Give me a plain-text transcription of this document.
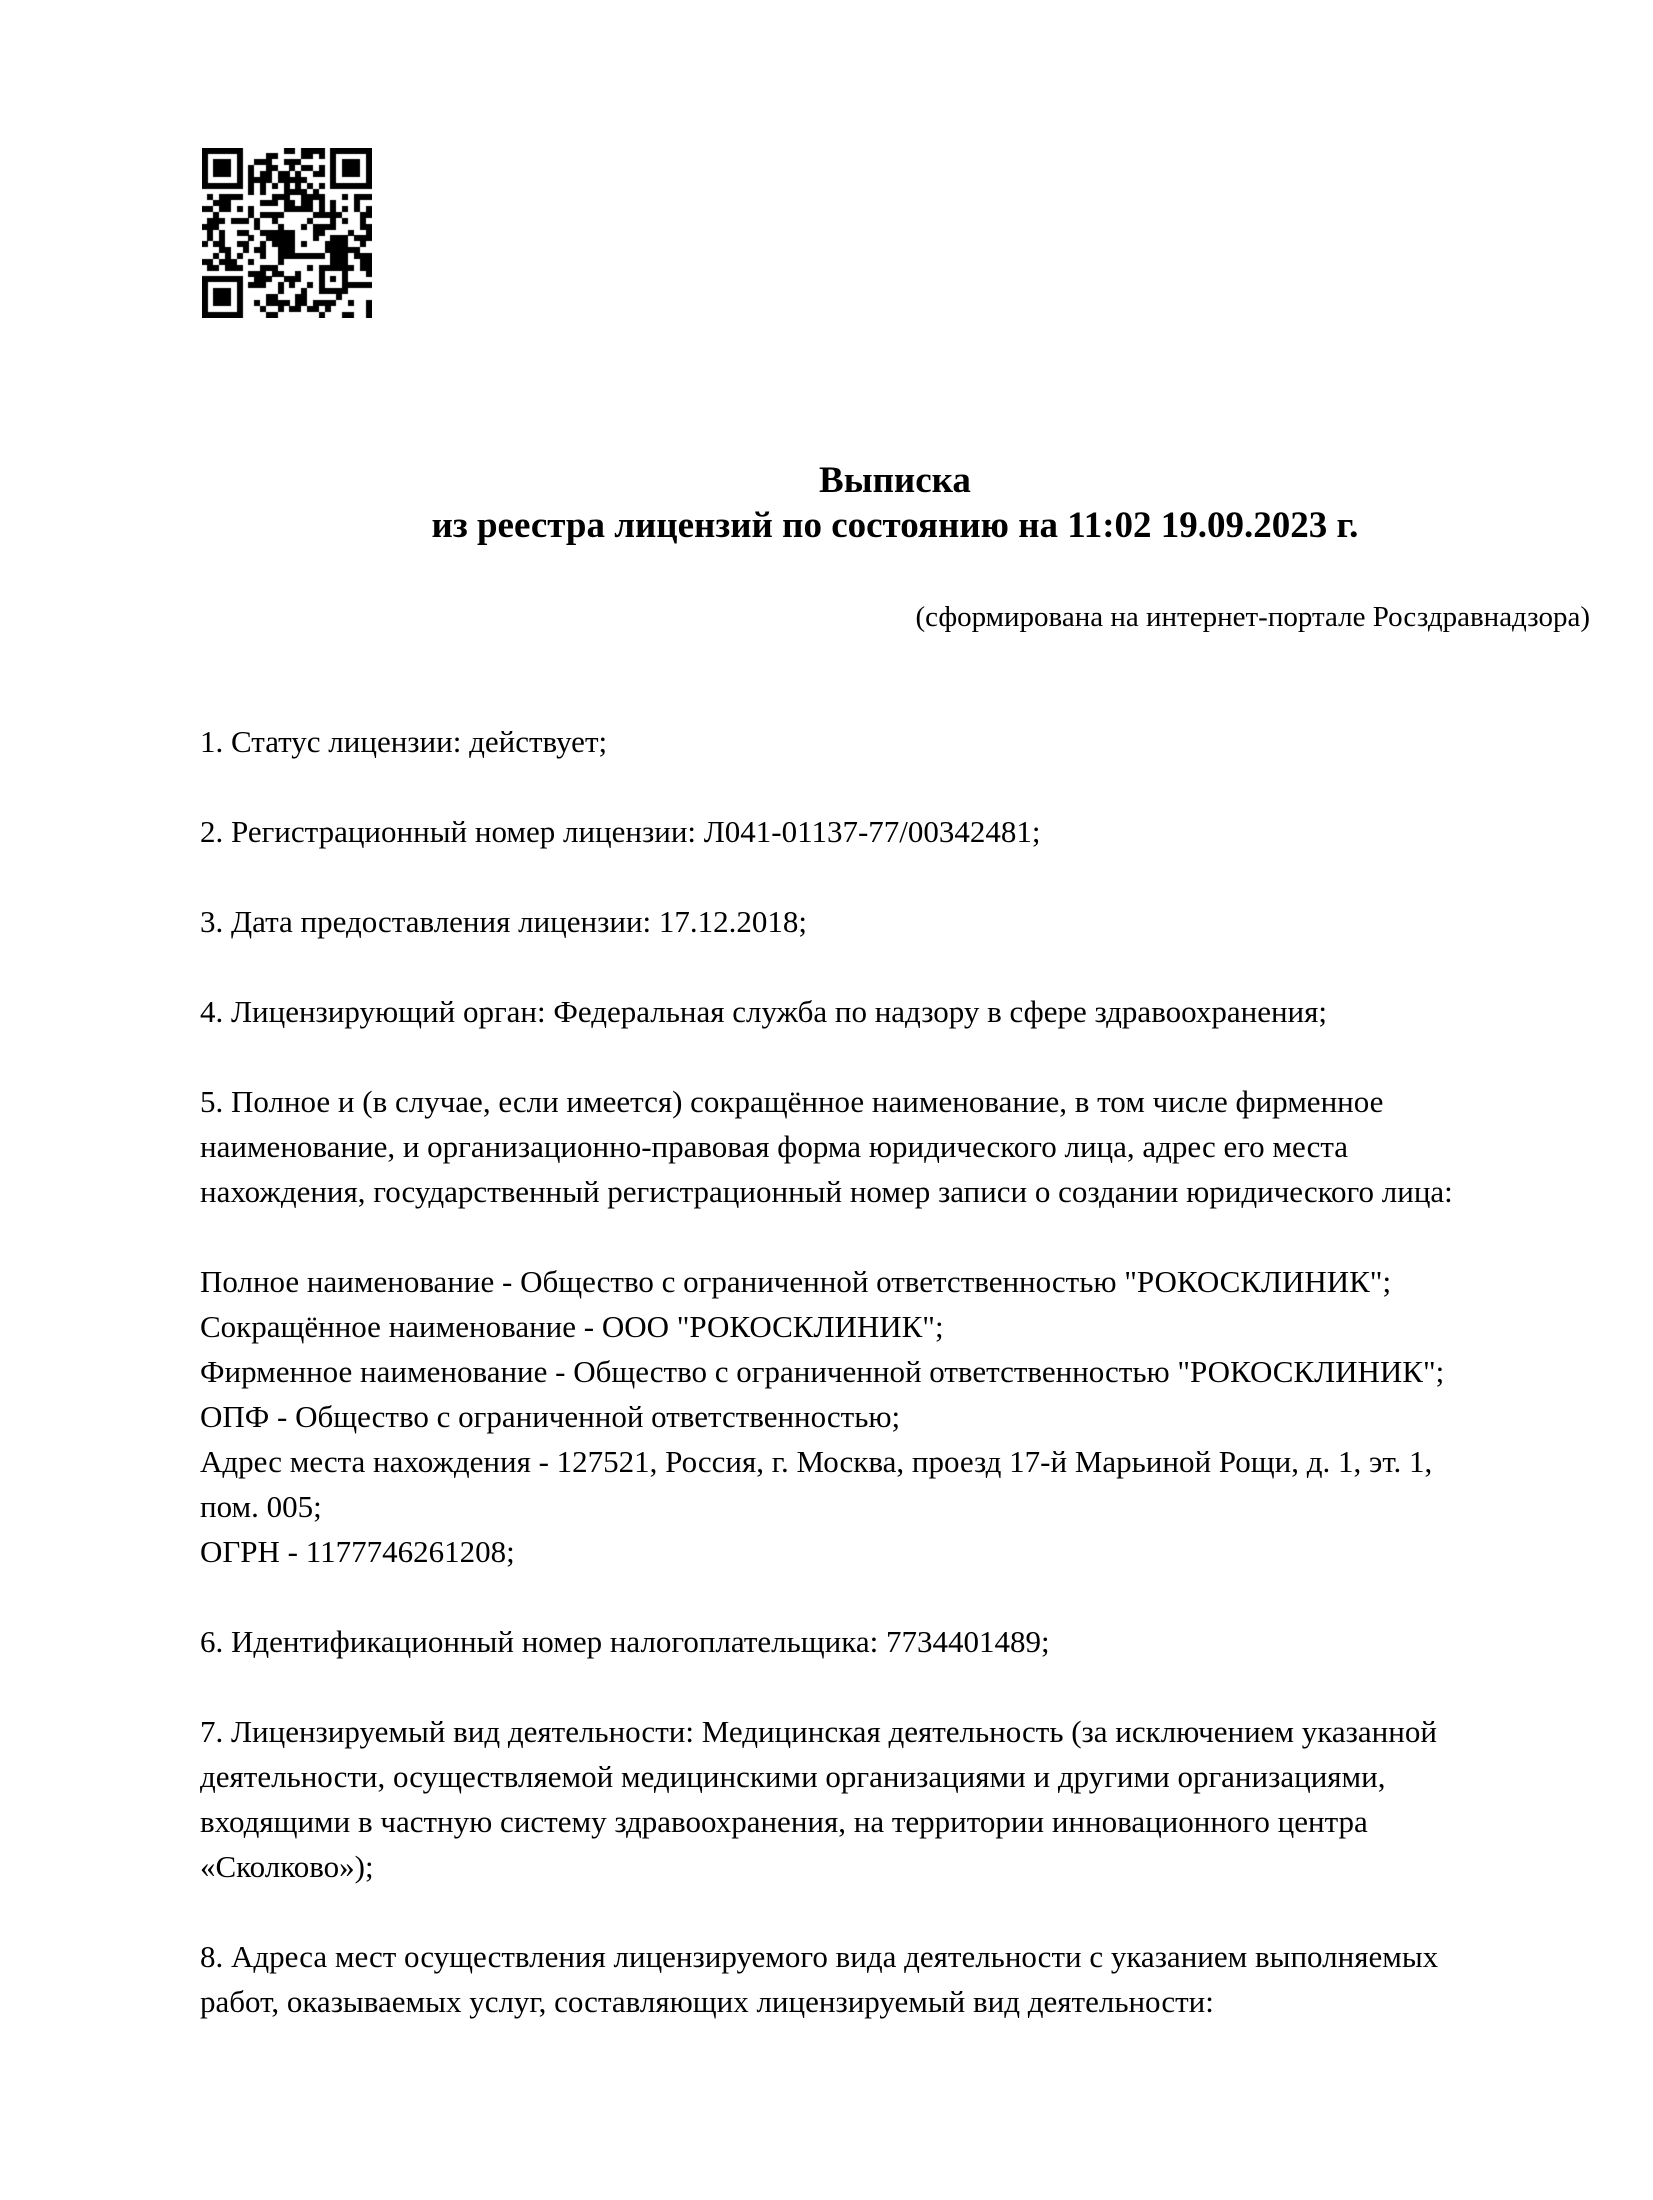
Выписка
из реестра лицензий по состоянию на 11:02 19.09.2023 г.
(сформирована на интернет-портале Росздравнадзора)
1. Статус лицензии: действует;
2. Регистрационный номер лицензии: Л041-01137-77/00342481;
3. Дата предоставления лицензии: 17.12.2018;
4. Лицензирующий орган: Федеральная служба по надзору в сфере здравоохранения;
5. Полное и (в случае, если имеется) сокращённое наименование, в том числе фирменное
наименование, и организационно-правовая форма юридического лица, адрес его места
нахождения, государственный регистрационный номер записи о создании юридического лица:
Полное наименование - Общество с ограниченной ответственностью "РОКОСКЛИНИК";
Сокращённое наименование - ООО "РОКОСКЛИНИК";
Фирменное наименование - Общество с ограниченной ответственностью "РОКОСКЛИНИК";
ОПФ - Общество с ограниченной ответственностью;
Адрес места нахождения - 127521, Россия, г. Москва, проезд 17-й Марьиной Рощи, д. 1, эт. 1,
пом. 005;
ОГРН - 1177746261208;
6. Идентификационный номер налогоплательщика: 7734401489;
7. Лицензируемый вид деятельности: Медицинская деятельность (за исключением указанной
деятельности, осуществляемой медицинскими организациями и другими организациями,
входящими в частную систему здравоохранения, на территории инновационного центра
«Сколково»);
8. Адреса мест осуществления лицензируемого вида деятельности с указанием выполняемых
работ, оказываемых услуг, составляющих лицензируемый вид деятельности:
